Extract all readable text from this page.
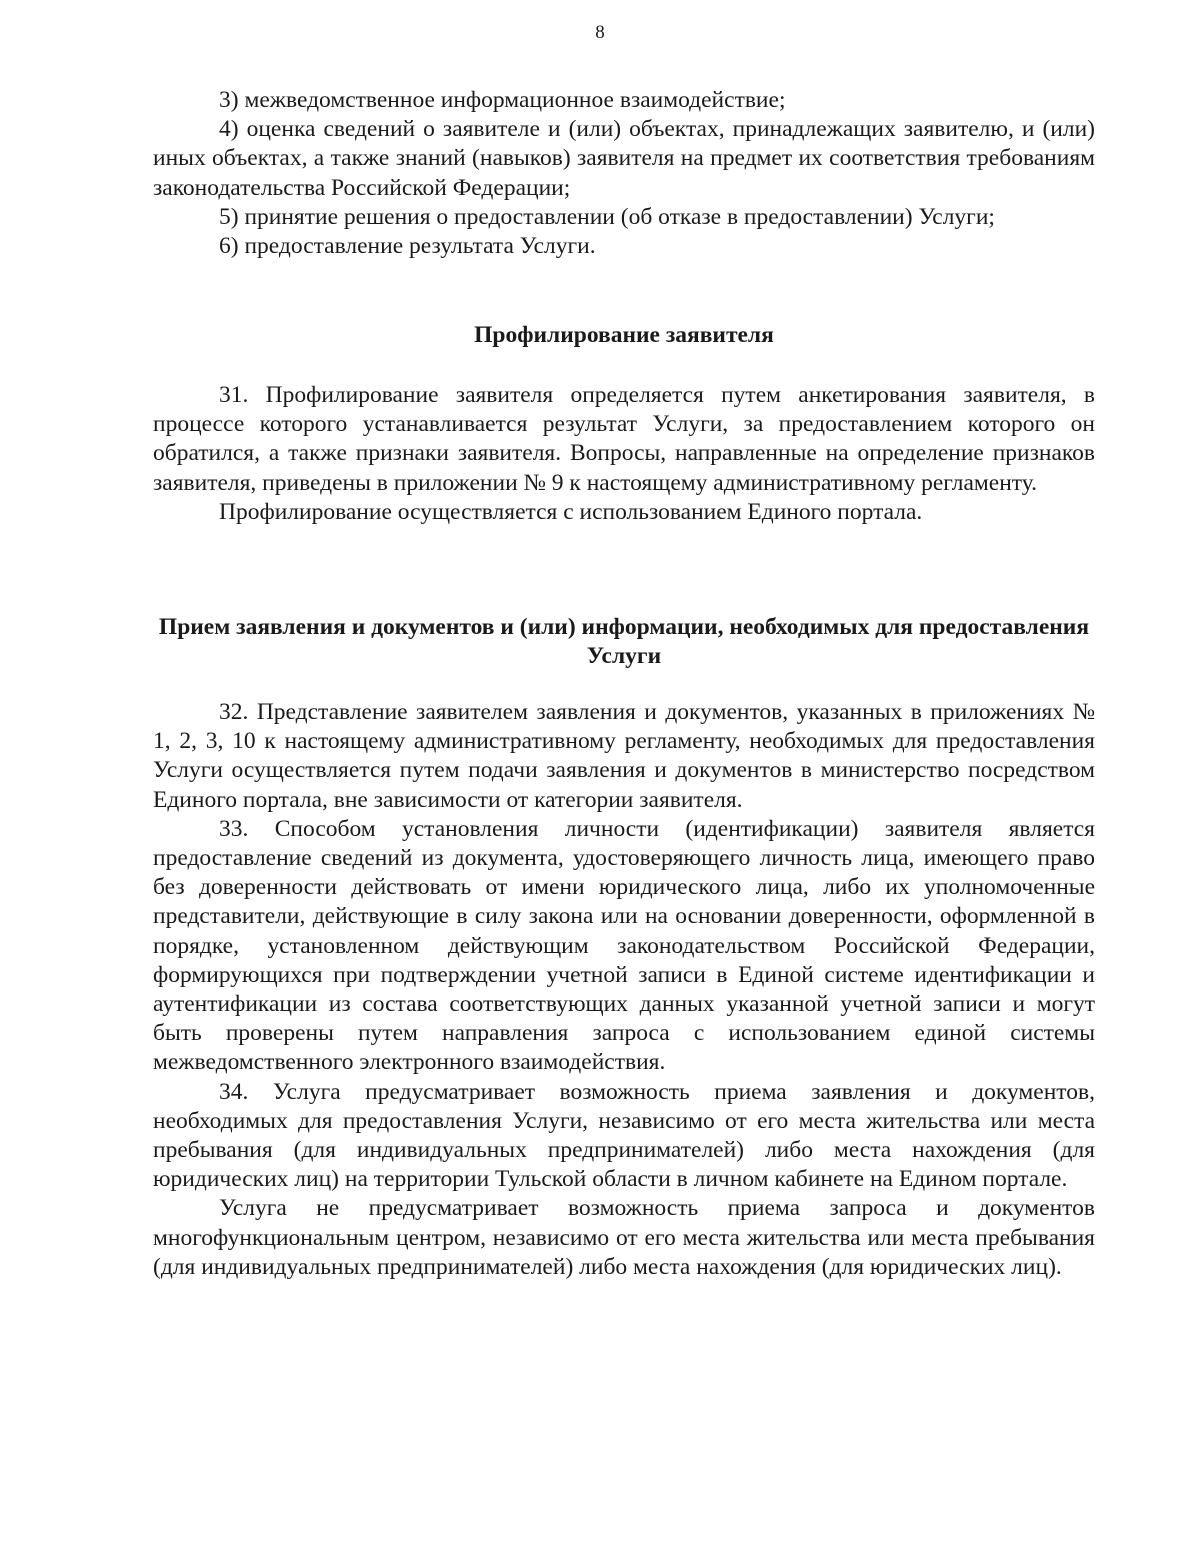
8

3) межведомственное информационное взаимодействие;

4) оценка сведений о заявителе и (или) объектах, принадлежащих заявителю, и (или) иных объектах, а также знаний (навыков) заявителя на предмет их соответствия требованиям законодательства Российской Федерации;

5) принятие решения о предоставлении (об отказе в предоставлении) Услуги;

6) предоставление результата Услуги.

Профилирование заявителя

31. Профилирование заявителя определяется путем анкетирования заявителя, в процессе которого устанавливается результат Услуги, за предоставлением которого он обратился, а также признаки заявителя. Вопросы, направленные на определение признаков заявителя, приведены в приложении № 9 к настоящему административному регламенту.

Профилирование осуществляется с использованием Единого портала.

Прием заявления и документов и (или) информации, необходимых для предоставления Услуги

32. Представление заявителем заявления и документов, указанных в приложениях № 1, 2, 3, 10 к настоящему административному регламенту, необходимых для предоставления Услуги осуществляется путем подачи заявления и документов в министерство посредством Единого портала, вне зависимости от категории заявителя.

33. Способом установления личности (идентификации) заявителя является предоставление сведений из документа, удостоверяющего личность лица, имеющего право без доверенности действовать от имени юридического лица, либо их уполномоченные представители, действующие в силу закона или на основании доверенности, оформленной в порядке, установленном действующим законодательством Российской Федерации, формирующихся при подтверждении учетной записи в Единой системе идентификации и аутентификации из состава соответствующих данных указанной учетной записи и могут быть проверены путем направления запроса с использованием единой системы межведомственного электронного взаимодействия.

34. Услуга предусматривает возможность приема заявления и документов, необходимых для предоставления Услуги, независимо от его места жительства или места пребывания (для индивидуальных предпринимателей) либо места нахождения (для юридических лиц) на территории Тульской области в личном кабинете на Едином портале.

Услуга не предусматривает возможность приема запроса и документов многофункциональным центром, независимо от его места жительства или места пребывания (для индивидуальных предпринимателей) либо места нахождения (для юридических лиц).
